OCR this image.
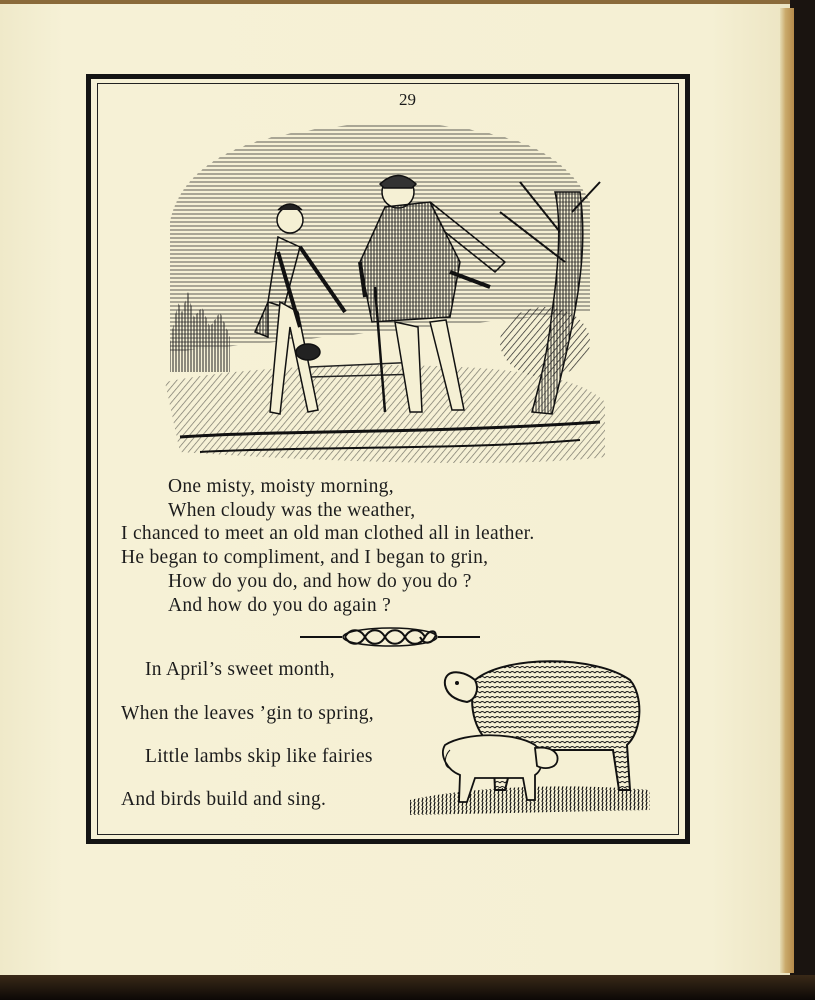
29
One misty, moisty morning,
When cloudy was the weather,
I chanced to meet an old man clothed all in leather.
He began to compliment, and I began to grin,
How do you do, and how do you do ?
And how do you do again ?
In April’s sweet month,
When the leaves ’gin to spring,
Little lambs skip like fairies
And birds build and sing.
